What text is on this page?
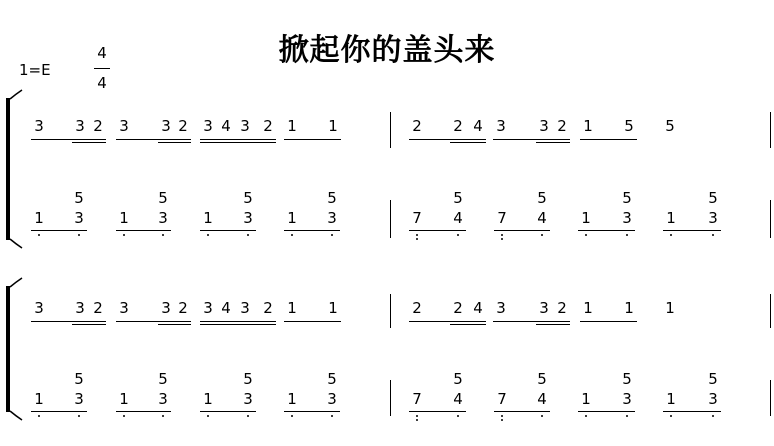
掀起你的盖头来
1=E
4
4
3 3 2 3 3 2 3 4 3 2 1 1	2 2 4 3 3 2 1 5 5
1 3
5
1 3
5
1 3
5
1 3
5
7 4
5
7 4
5
1 3
5
1 3
5
3 3 2 3 3 2 3 4 3 2 1 1	2 2 4 3 3 2 1 1 1
1 3
5
1 3
5
1 3
5
1 3
5
7 4
5
7 4
5
1 3
5
1 3
5
